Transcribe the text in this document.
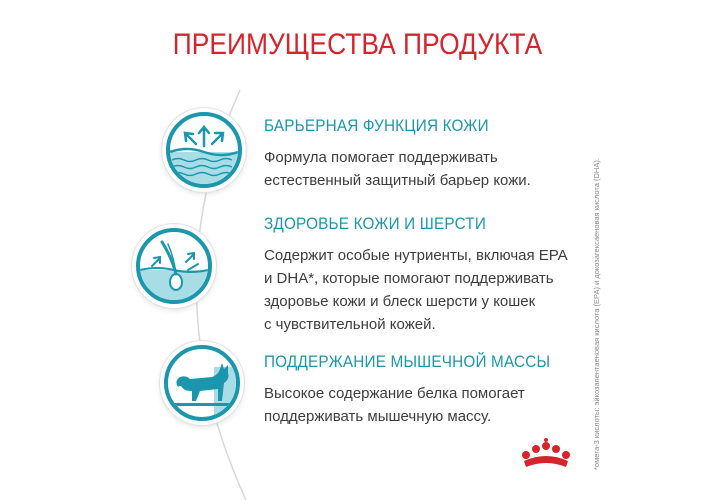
ПРЕИМУЩЕСТВА ПРОДУКТА
БАРЬЕРНАЯ ФУНКЦИЯ КОЖИ
Формула помогает поддерживать
естественный защитный барьер кожи.
ЗДОРОВЬЕ КОЖИ И ШЕРСТИ
Содержит особые нутриенты, включая EPA
и DHA*, которые помогают поддерживать
здоровье кожи и блеск шерсти у кошек
с чувствительной кожей.
ПОДДЕРЖАНИЕ МЫШЕЧНОЙ МАССЫ
Высокое содержание белка помогает
поддерживать мышечную массу.	*омега-3 кислоты: эйкозапентаеновая кислота (EPA) и докозагексаеновая кислота (DHA).
